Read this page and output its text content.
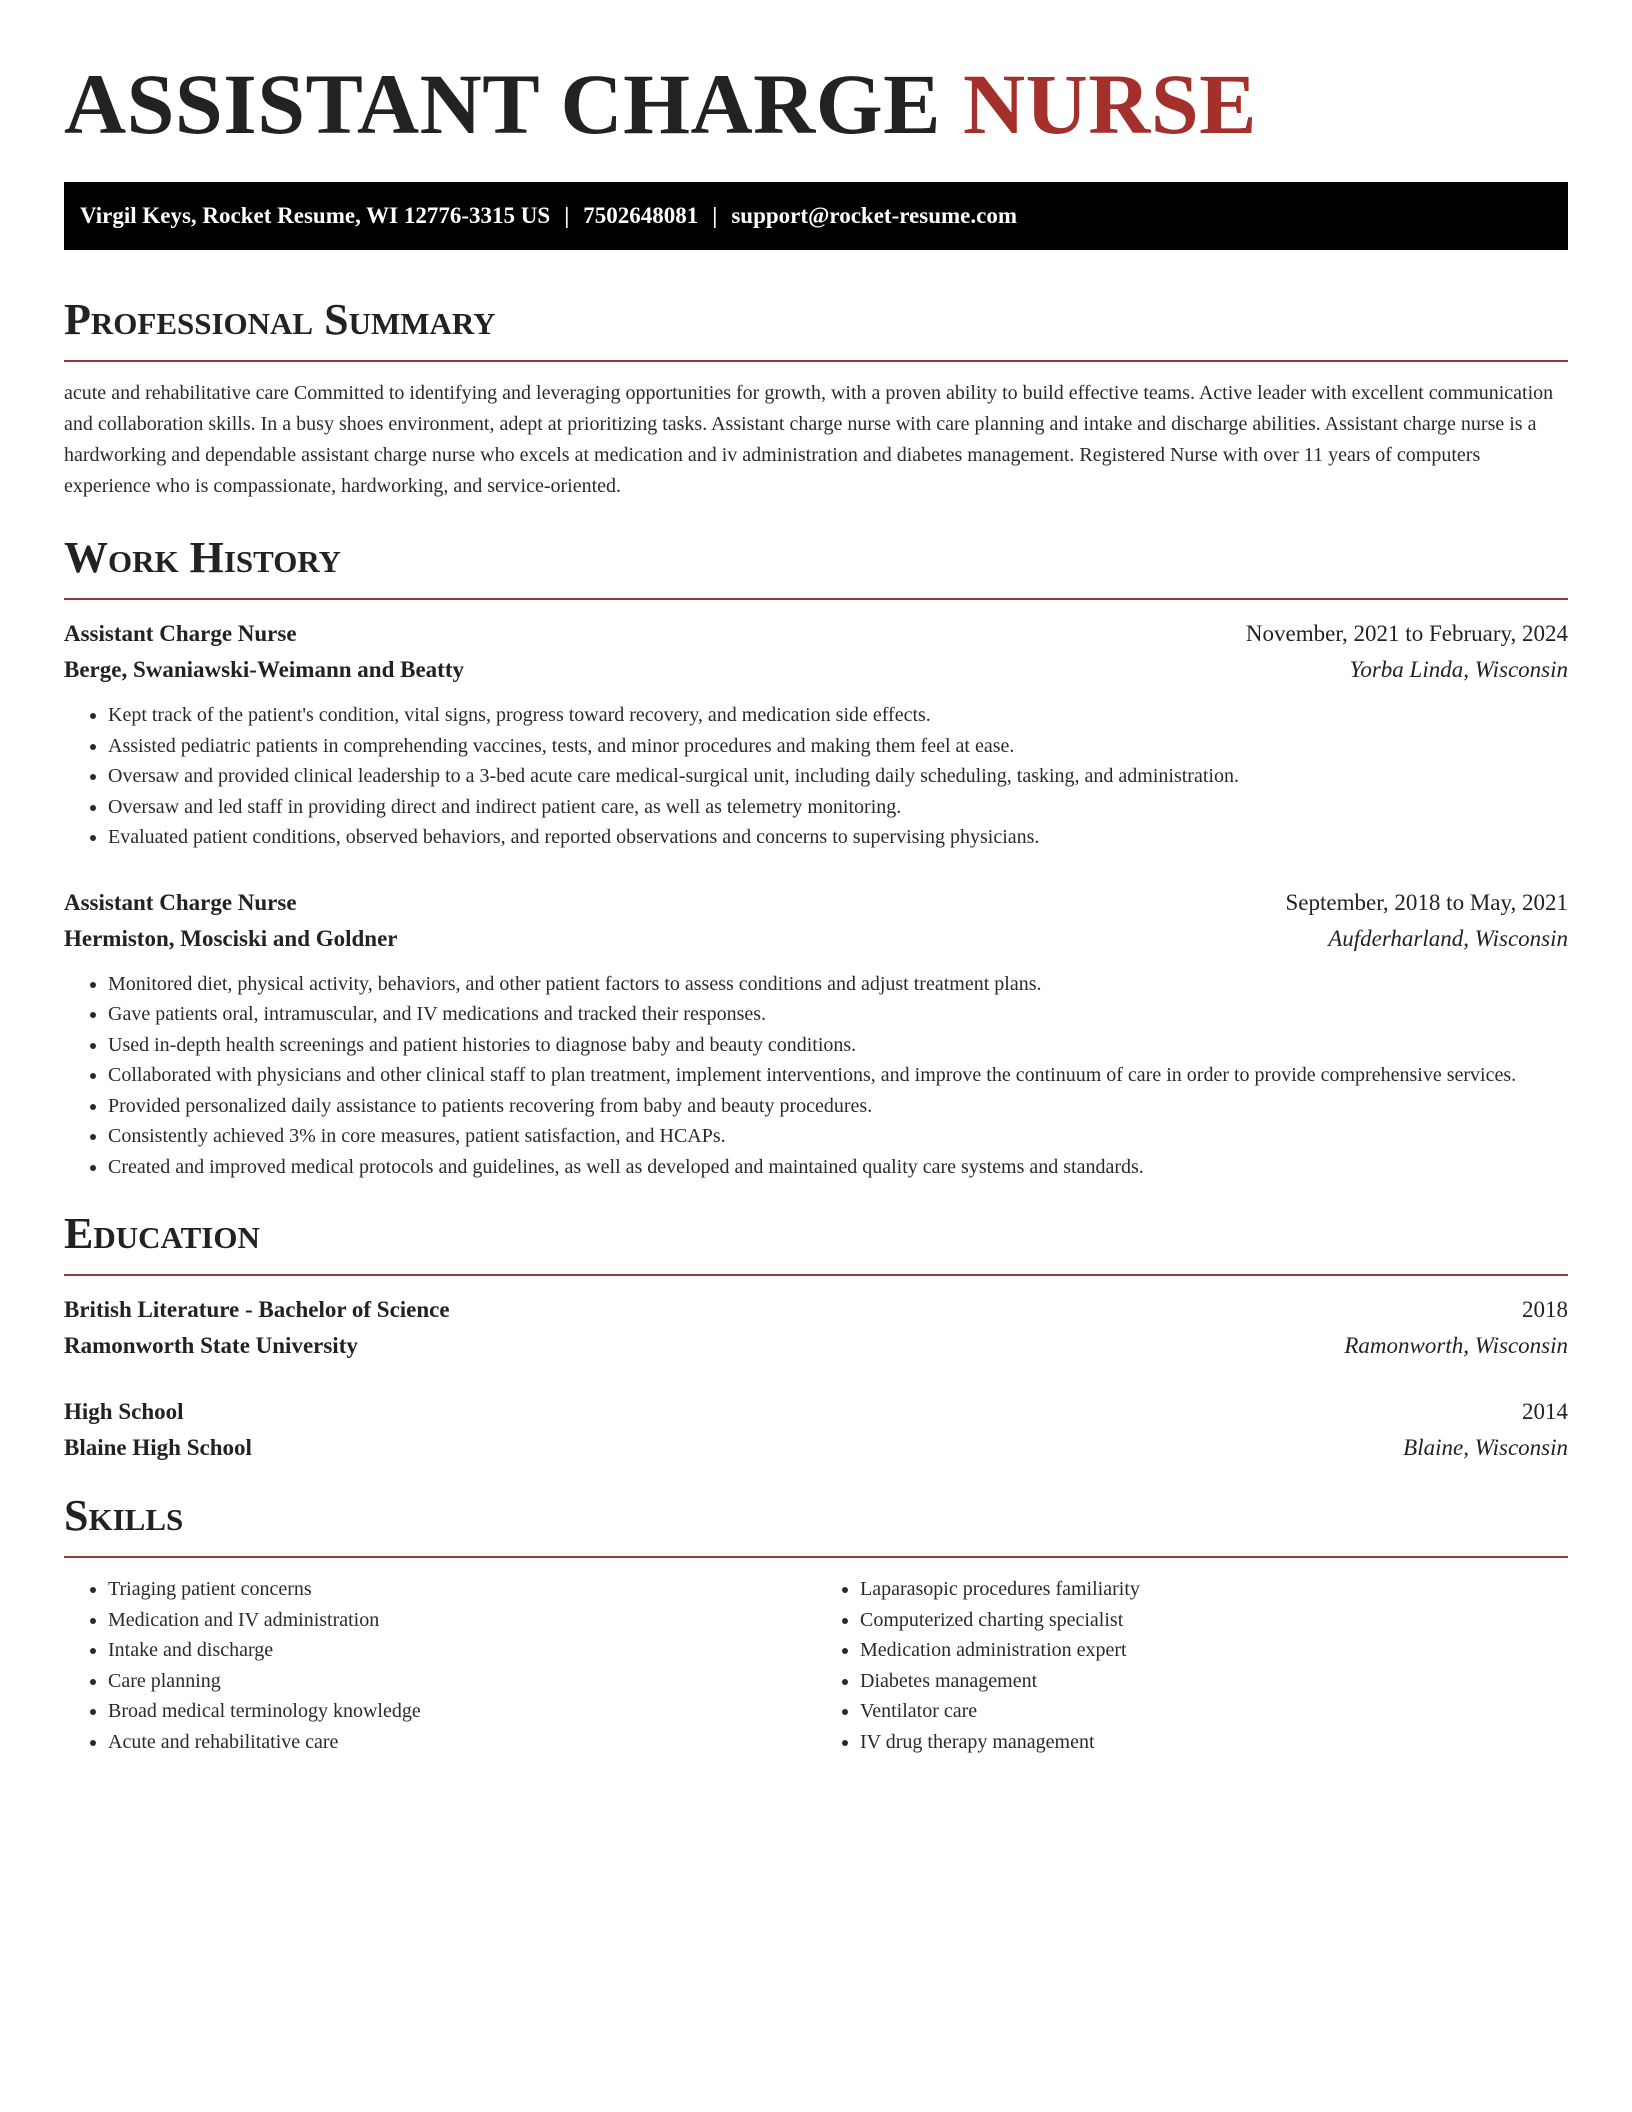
ASSISTANT CHARGE NURSE
Virgil Keys, Rocket Resume, WI 12776-3315 US | 7502648081 | support@rocket-resume.com
Professional Summary

acute and rehabilitative care Committed to identifying and leveraging opportunities for growth, with a proven ability to build effective teams. Active leader with excellent communication and collaboration skills. In a busy shoes environment, adept at prioritizing tasks. Assistant charge nurse with care planning and intake and discharge abilities. Assistant charge nurse is a hardworking and dependable assistant charge nurse who excels at medication and iv administration and diabetes management. Registered Nurse with over 11 years of computers experience who is compassionate, hardworking, and service-oriented.

Work History
Assistant Charge Nurse	November, 2021 to February, 2024
Berge, Swaniawski-Weimann and Beatty	Yorba Linda, Wisconsin
• Kept track of the patient's condition, vital signs, progress toward recovery, and medication side effects.
• Assisted pediatric patients in comprehending vaccines, tests, and minor procedures and making them feel at ease.
• Oversaw and provided clinical leadership to a 3-bed acute care medical-surgical unit, including daily scheduling, tasking, and administration.
• Oversaw and led staff in providing direct and indirect patient care, as well as telemetry monitoring.
• Evaluated patient conditions, observed behaviors, and reported observations and concerns to supervising physicians.
Assistant Charge Nurse	September, 2018 to May, 2021
Hermiston, Mosciski and Goldner	Aufderharland, Wisconsin
• Monitored diet, physical activity, behaviors, and other patient factors to assess conditions and adjust treatment plans.
• Gave patients oral, intramuscular, and IV medications and tracked their responses.
• Used in-depth health screenings and patient histories to diagnose baby and beauty conditions.
• Collaborated with physicians and other clinical staff to plan treatment, implement interventions, and improve the continuum of care in order to provide comprehensive services.
• Provided personalized daily assistance to patients recovering from baby and beauty procedures.
• Consistently achieved 3% in core measures, patient satisfaction, and HCAPs.
• Created and improved medical protocols and guidelines, as well as developed and maintained quality care systems and standards.
Education
British Literature - Bachelor of Science	2018
Ramonworth State University	Ramonworth, Wisconsin
High School	2014
Blaine High School	Blaine, Wisconsin
Skills
• Triaging patient concerns
• Medication and IV administration
• Intake and discharge
• Care planning
• Broad medical terminology knowledge
• Acute and rehabilitative care
• Laparasopic procedures familiarity
• Computerized charting specialist
• Medication administration expert
• Diabetes management
• Ventilator care
• IV drug therapy management
